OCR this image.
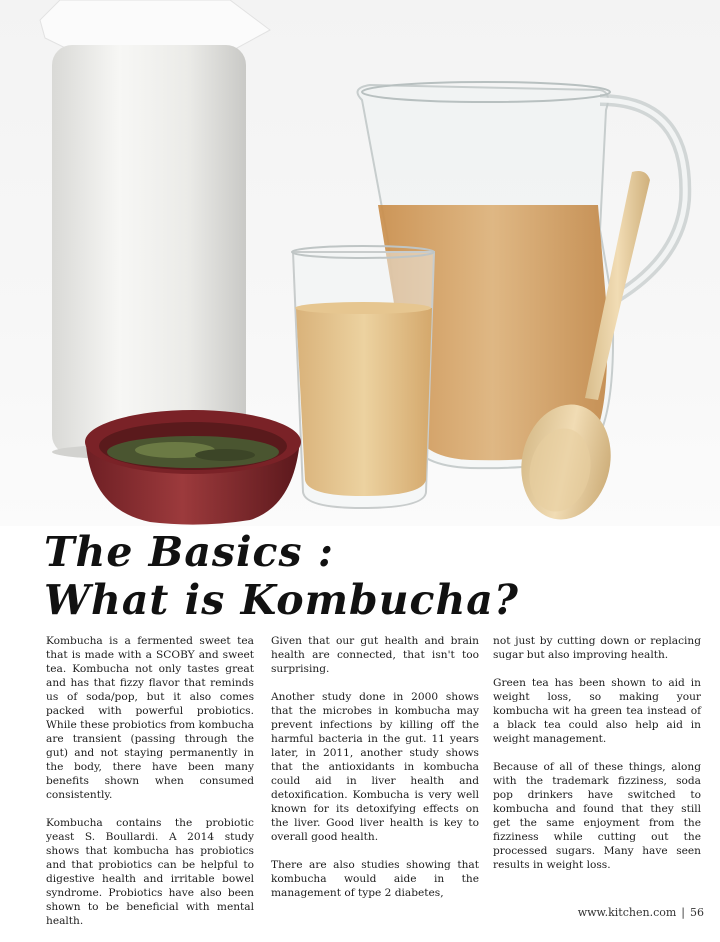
The Basics :
What is Kombucha?

Kombucha is a fermented sweet tea that is made with a SCOBY and sweet tea. Kombucha not only tastes great and has that fizzy flavor that reminds us of soda/pop, but it also comes packed with powerful probiotics. While these probiotics from kombucha are transient (passing through the gut) and not staying permanently in the body, there have been many benefits shown when consumed consistently.

Kombucha contains the probiotic yeast S. Boullardi. A 2014 study shows that kombucha has probiotics and that probiotics can be helpful to digestive health and irritable bowel syndrome. Probiotics have also been shown to be beneficial with mental health.

Given that our gut health and brain health are connected, that isn't too surprising.

Another study done in 2000 shows that the microbes in kombucha may prevent infections by killing off the harmful bacteria in the gut. 11 years later, in 2011, another study shows that the antioxidants in kombucha could aid in liver health and detoxification. Kombucha is very well known for its detoxifying effects on the liver. Good liver health is key to overall good health.

There are also studies showing that kombucha would aide in the management of type 2 diabetes,

not just by cutting down or replacing sugar but also improving health.

Green tea has been shown to aid in weight loss, so making your kombucha wit ha green tea instead of a black tea could also help aid in weight management.

Because of all of these things, along with the trademark fizziness, soda pop drinkers have switched to kombucha and found that they still get the same enjoyment from the fizziness while cutting out the processed sugars. Many have seen results in weight loss.

www.kitchen.com | 56
